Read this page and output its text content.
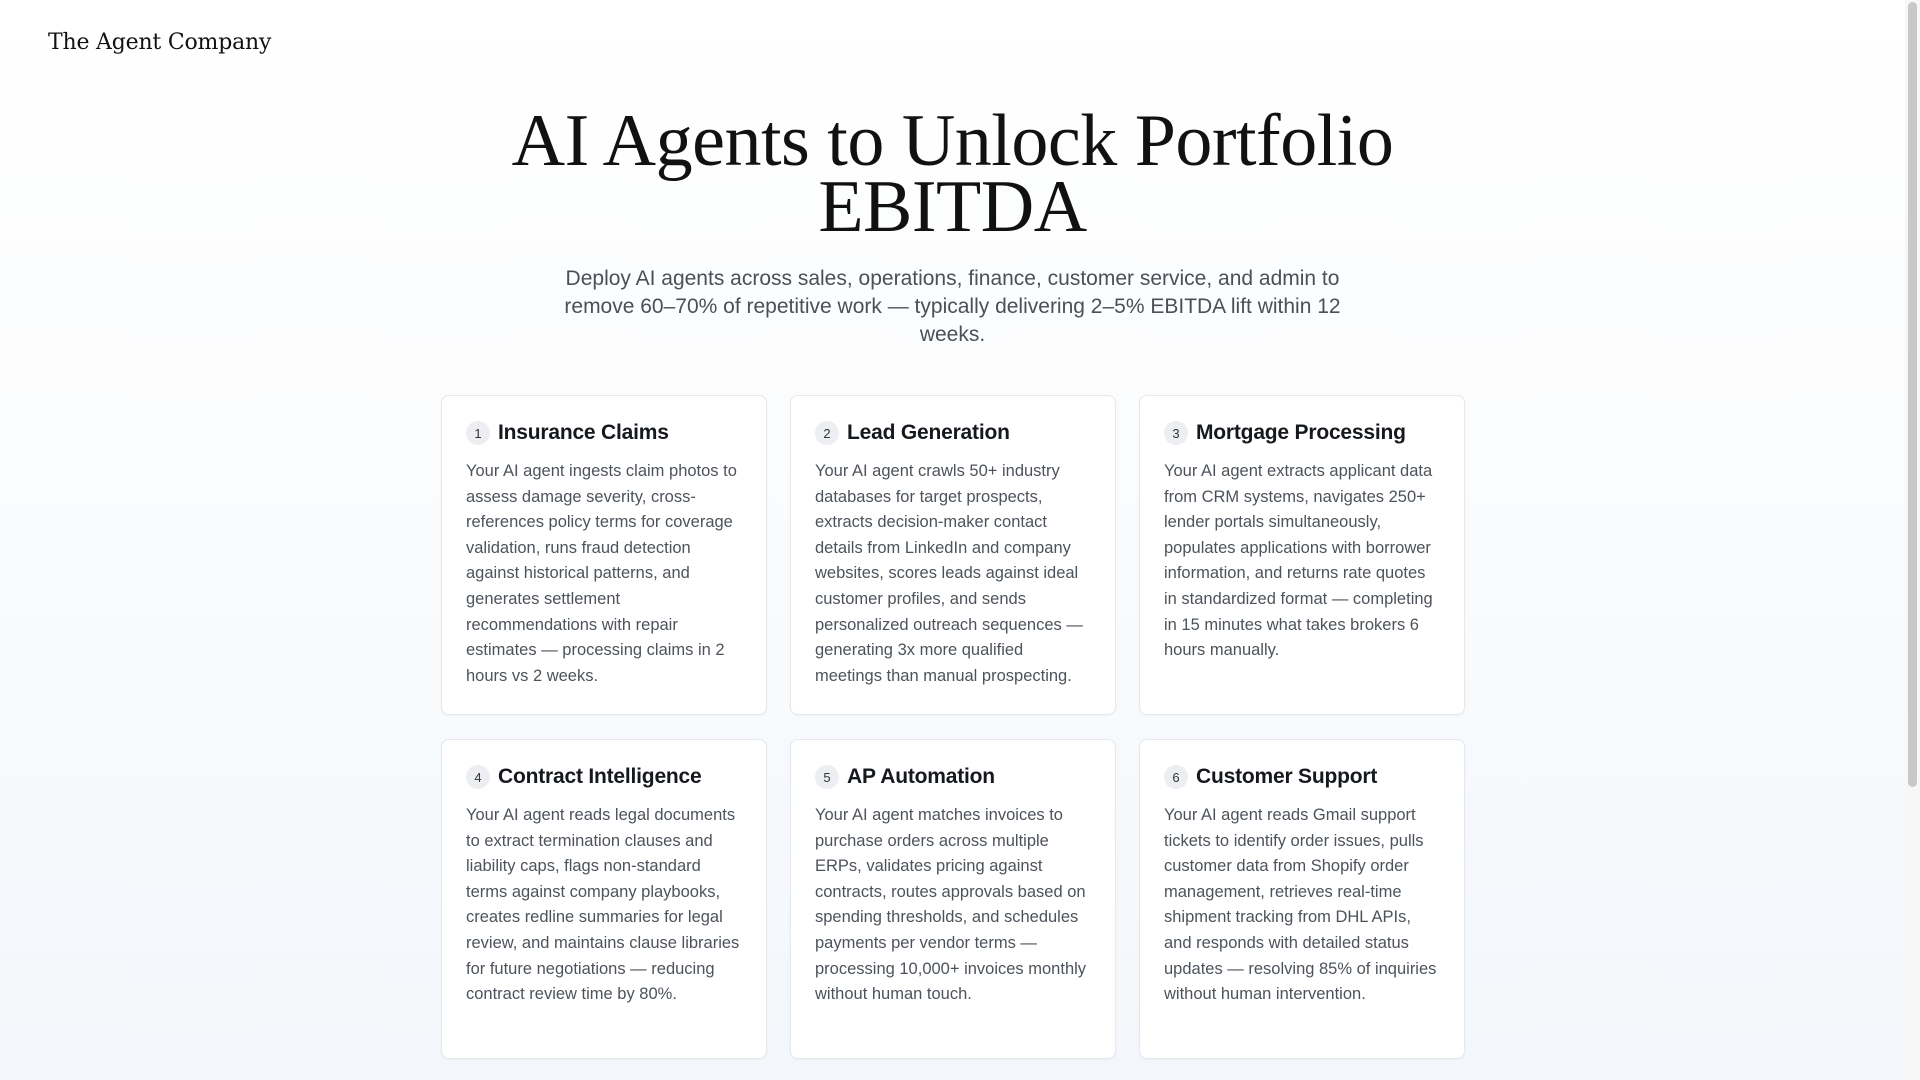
The Agent Company
AI Agents to Unlock Portfolio EBITDA

Deploy AI agents across sales, operations, finance, customer service, and admin to remove 60–70% of repetitive work — typically delivering 2–5% EBITDA lift within 12 weeks.

1 Insurance Claims

Your AI agent ingests claim photos to assess damage severity, cross-references policy terms for coverage validation, runs fraud detection against historical patterns, and generates settlement recommendations with repair estimates — processing claims in 2 hours vs 2 weeks.

2 Lead Generation

Your AI agent crawls 50+ industry databases for target prospects, extracts decision-maker contact details from LinkedIn and company websites, scores leads against ideal customer profiles, and sends personalized outreach sequences — generating 3x more qualified meetings than manual prospecting.

3 Mortgage Processing

Your AI agent extracts applicant data from CRM systems, navigates 250+ lender portals simultaneously, populates applications with borrower information, and returns rate quotes in standardized format — completing in 15 minutes what takes brokers 6 hours manually.

4 Contract Intelligence

Your AI agent reads legal documents to extract termination clauses and liability caps, flags non-standard terms against company playbooks, creates redline summaries for legal review, and maintains clause libraries for future negotiations — reducing contract review time by 80%.

5 AP Automation

Your AI agent matches invoices to purchase orders across multiple ERPs, validates pricing against contracts, routes approvals based on spending thresholds, and schedules payments per vendor terms — processing 10,000+ invoices monthly without human touch.

6 Customer Support

Your AI agent reads Gmail support tickets to identify order issues, pulls customer data from Shopify order management, retrieves real-time shipment tracking from DHL APIs, and responds with detailed status updates — resolving 85% of inquiries without human intervention.
